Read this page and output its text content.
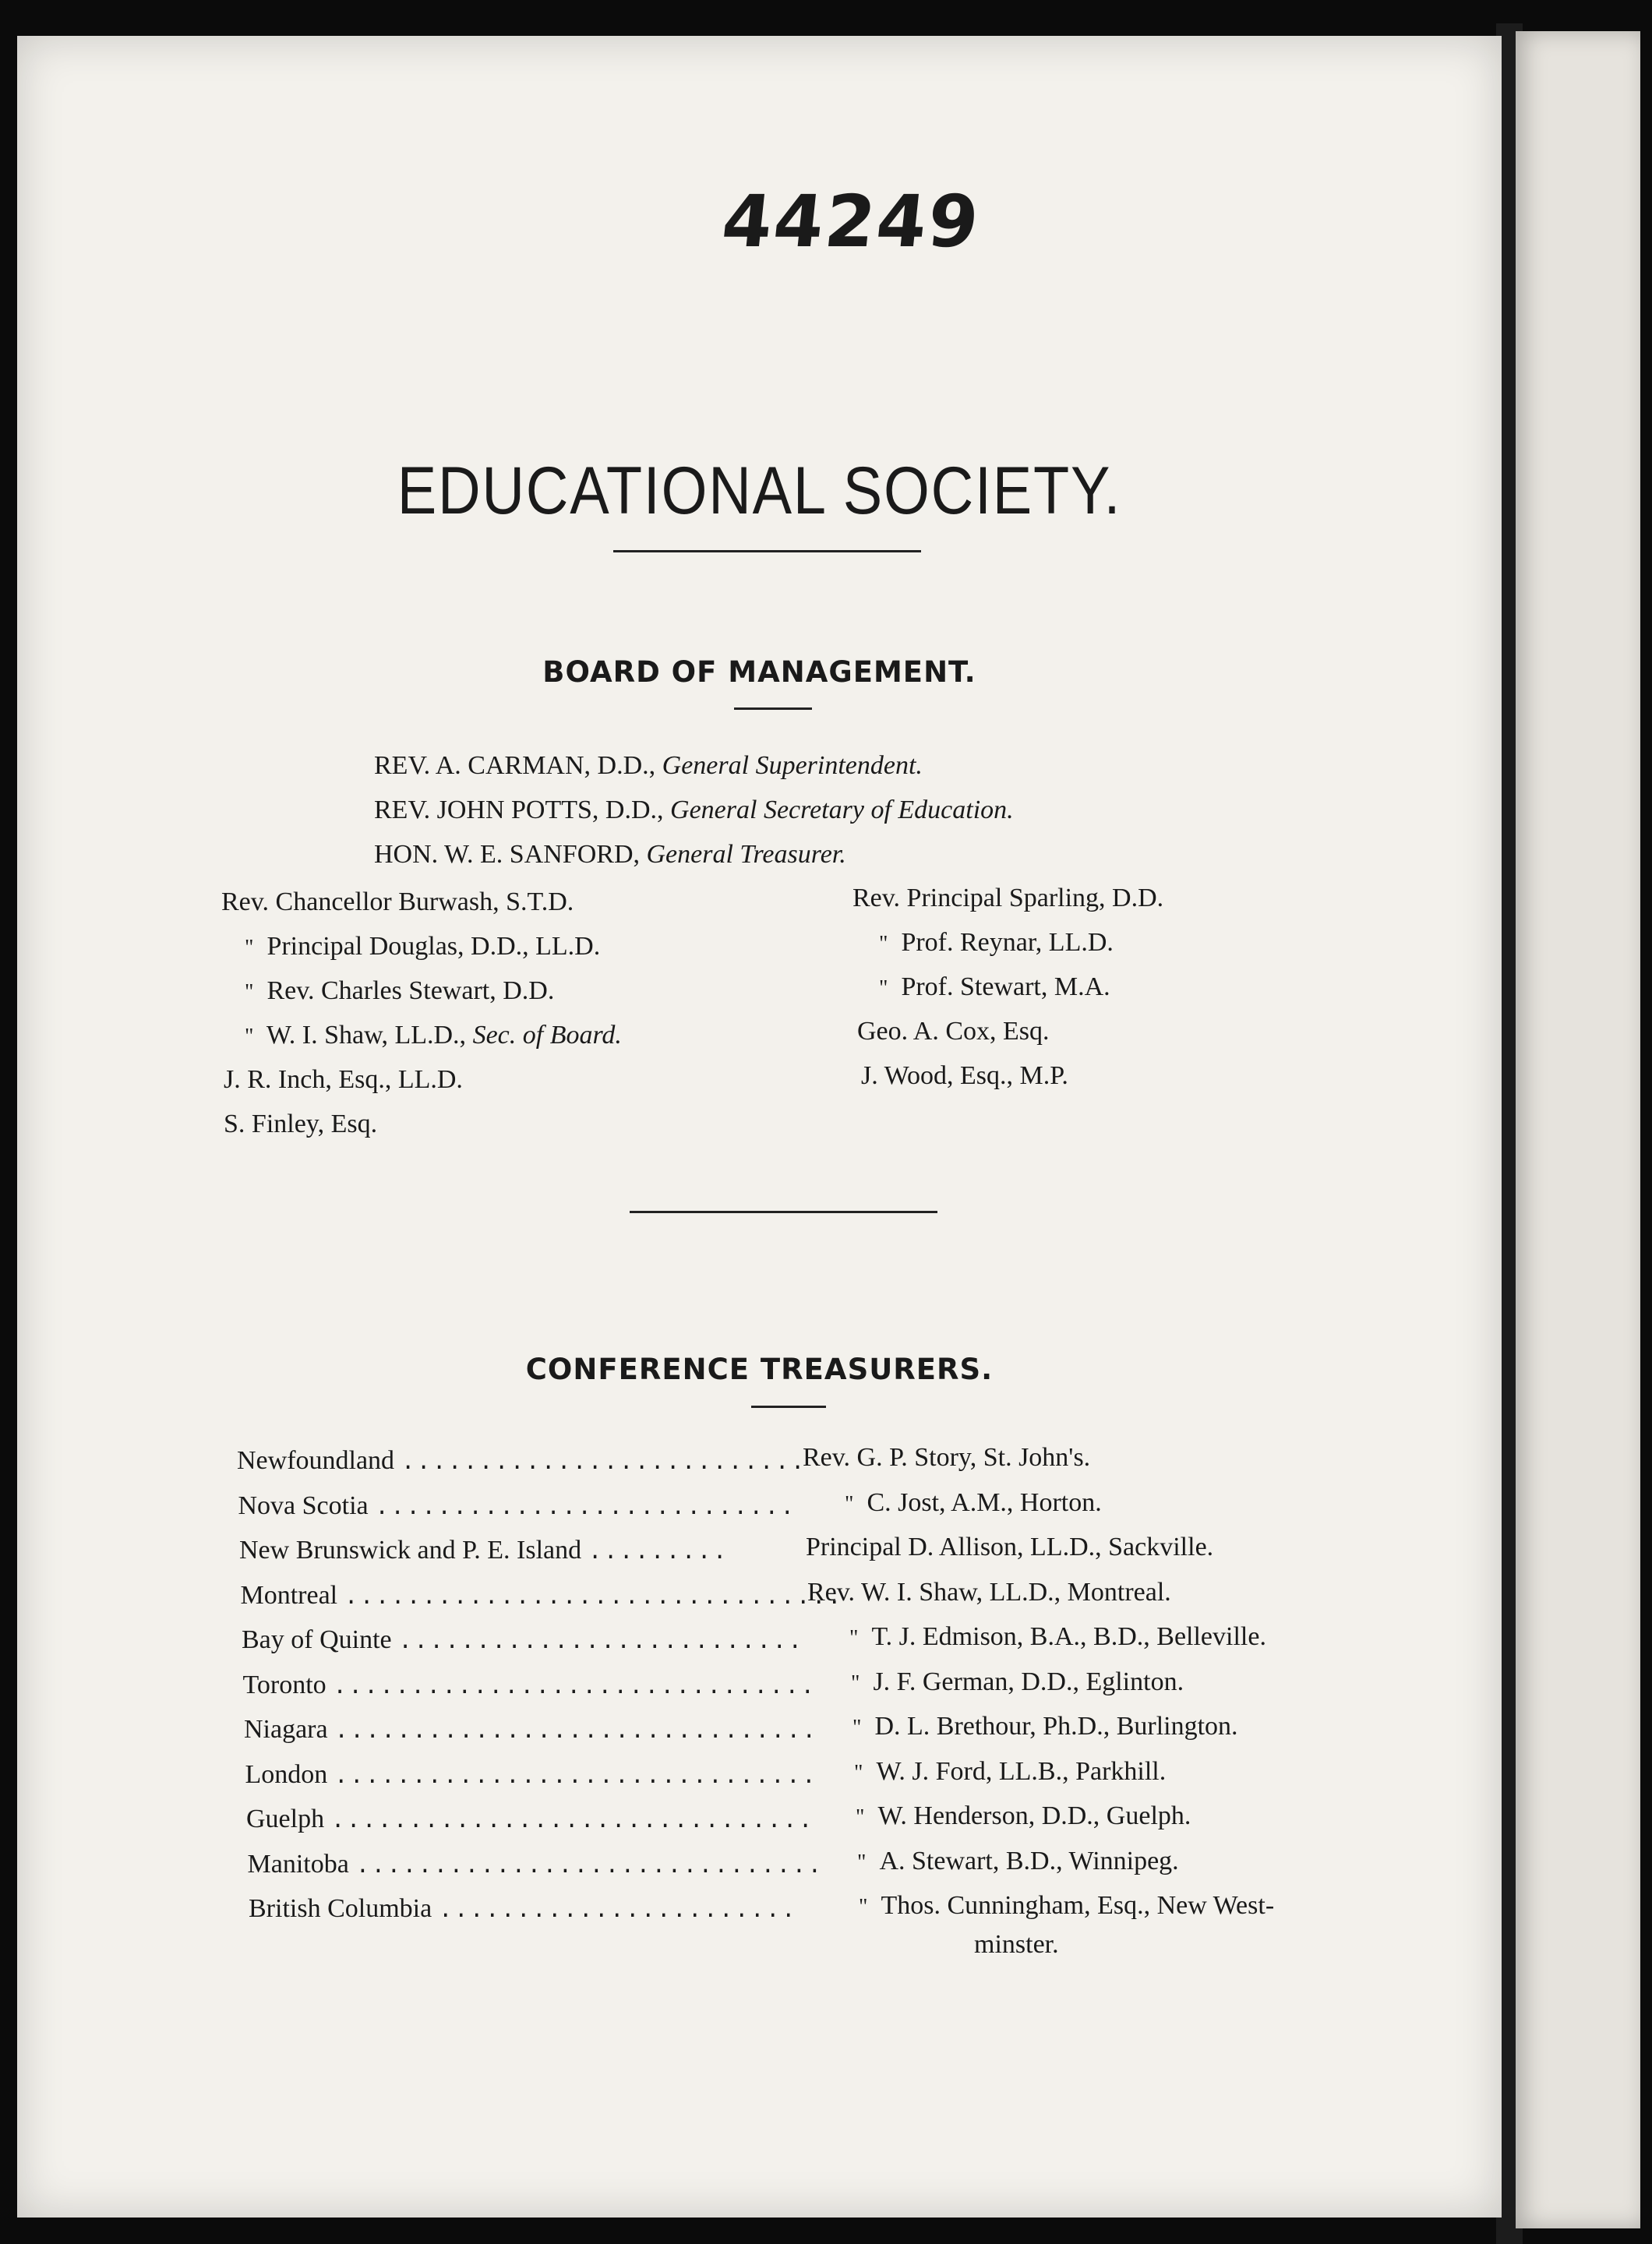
44249
EDUCATIONAL SOCIETY.
BOARD OF MANAGEMENT.
REV. A. CARMAN, D.D., General Superintendent.
REV. JOHN POTTS, D.D., General Secretary of Education.
HON. W. E. SANFORD, General Treasurer.
Rev. Chancellor Burwash, S.T.D.
" Principal Douglas, D.D., LL.D.
" Rev. Charles Stewart, D.D.
" W. I. Shaw, LL.D., Sec. of Board.
J. R. Inch, Esq., LL.D.
S. Finley, Esq.
Rev. Principal Sparling, D.D.
" Prof. Reynar, LL.D.
" Prof. Stewart, M.A.
Geo. A. Cox, Esq.
J. Wood, Esq., M.P.
CONFERENCE TREASURERS.
Newfoundland ..........................
Rev. G. P. Story, St. John's.
Nova Scotia ........................... " C. Jost, A.M., Horton.
New Brunswick and P. E. Island .........	Principal D. Allison, LL.D., Sackville.
Montreal ................................
Rev. W. I. Shaw, LL.D., Montreal.
Bay of Quinte .......................... " T. J. Edmison, B.A., B.D., Belleville.
Toronto ............................... " J. F. German, D.D., Eglinton.
Niagara ............................... " D. L. Brethour, Ph.D., Burlington.
London ............................... " W. J. Ford, LL.B., Parkhill.
Guelph ............................... " W. Henderson, D.D., Guelph.
Manitoba .............................. " A. Stewart, B.D., Winnipeg.
British Columbia .......................	" Thos. Cunningham, Esq., New West-
minster.
